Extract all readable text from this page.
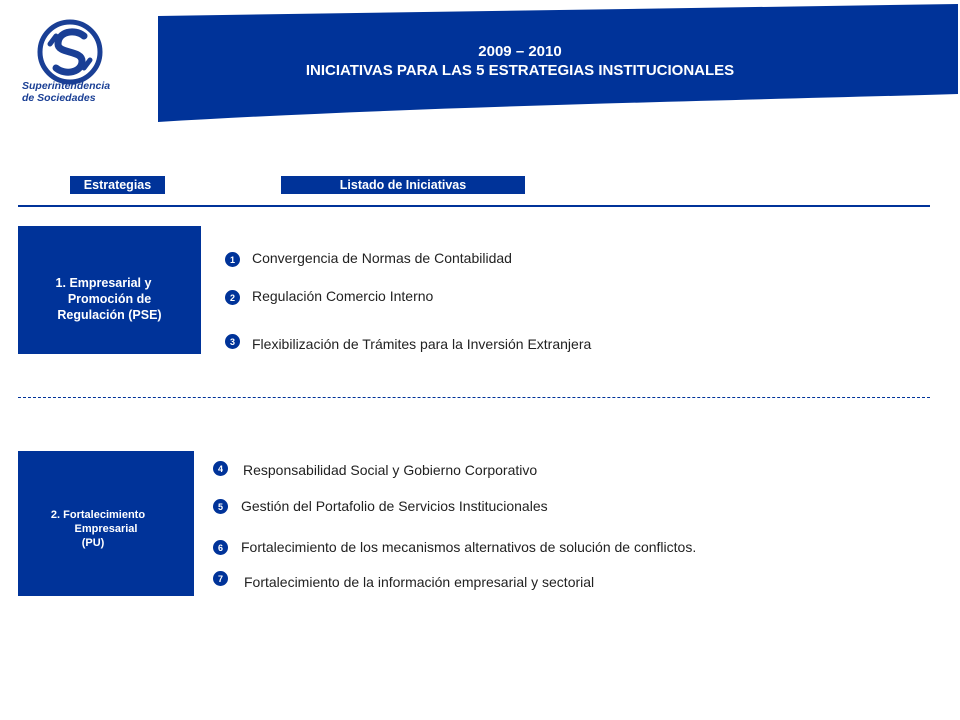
Superintendencia
de Sociedades
2009 – 2010
INICIATIVAS PARA LAS 5 ESTRATEGIAS INSTITUCIONALES
Estrategias	Listado de Iniciativas
1. Empresarial y
Promoción de
Regulación (PSE)
1	Convergencia de Normas de Contabilidad
2	Regulación Comercio Interno
3	Flexibilización de Trámites para la Inversión Extranjera
2. Fortalecimiento
Empresarial
(PU)
4	Responsabilidad Social y Gobierno Corporativo
5	Gestión del Portafolio de Servicios Institucionales
6	Fortalecimiento de los mecanismos alternativos de solución de conflictos.
7	Fortalecimiento de la información empresarial y sectorial
